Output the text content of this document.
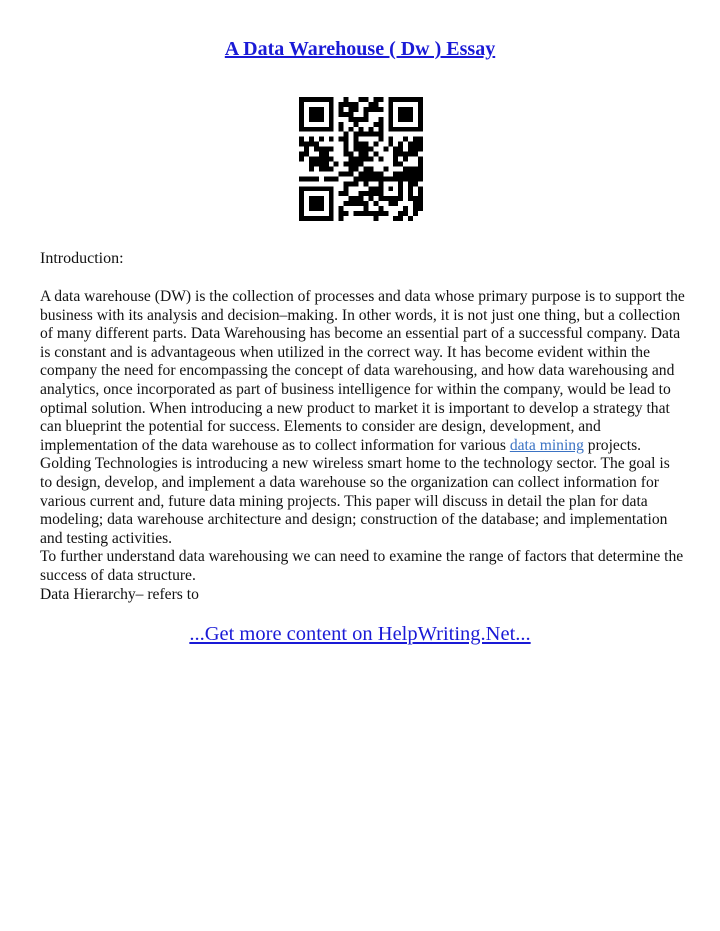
A Data Warehouse ( Dw ) Essay
Introduction:

A data warehouse (DW) is the collection of processes and data whose primary purpose is to support the business with its analysis and decision–making. In other words, it is not just one thing, but a collection of many different parts. Data Warehousing has become an essential part of a successful company. Data is constant and is advantageous when utilized in the correct way. It has become evident within the company the need for encompassing the concept of data warehousing, and how data warehousing and analytics, once incorporated as part of business intelligence for within the company, would be lead to optimal solution. When introducing a new product to market it is important to develop a strategy that can blueprint the potential for success. Elements to consider are design, development, and implementation of the data warehouse as to collect information for various data mining projects. Golding Technologies is introducing a new wireless smart home to the technology sector. The goal is to design, develop, and implement a data warehouse so the organization can collect information for various current and, future data mining projects. This paper will discuss in detail the plan for data modeling; data warehouse architecture and design; construction of the database; and implementation and testing activities.

To further understand data warehousing we can need to examine the range of factors that determine the success of data structure.

Data Hierarchy– refers to

...Get more content on HelpWriting.Net...
